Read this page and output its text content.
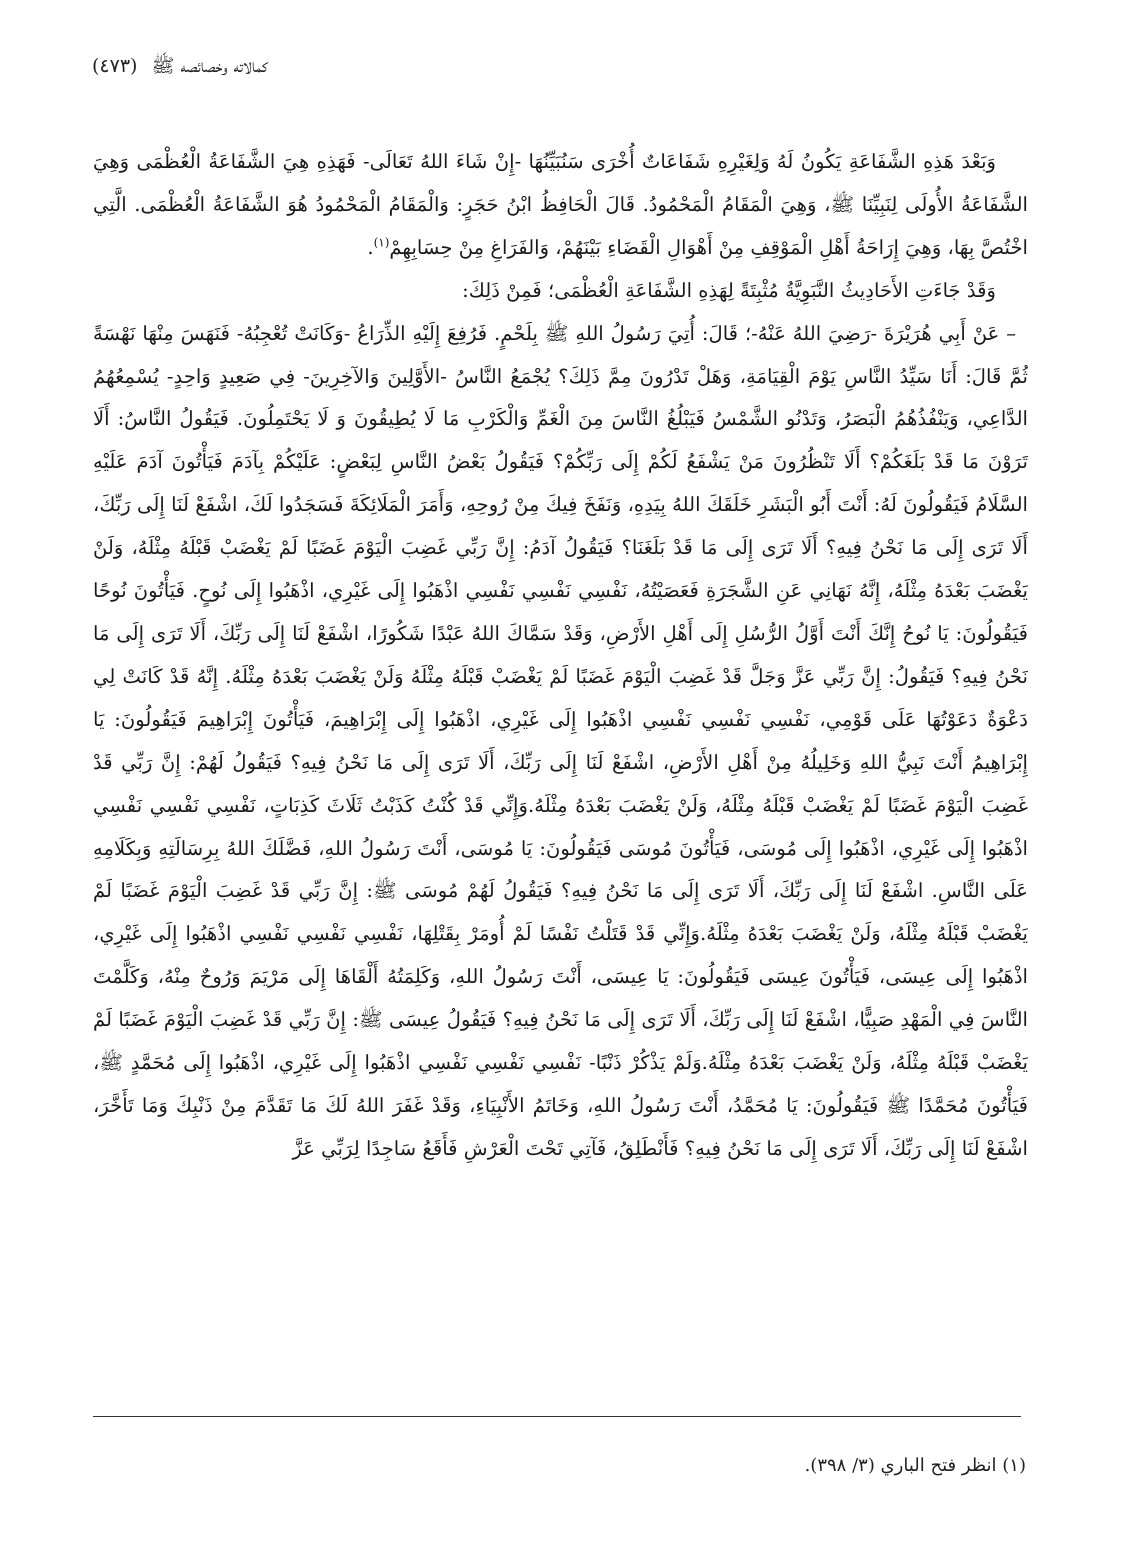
كمالاته وخصائصه ﷺ (٤٧٣)

وَبَعْدَ هَذِهِ الشَّفَاعَةِ يَكُونُ لَهُ وَلِغَيْرِهِ شَفَاعَاتٌ أُخْرَى سَنُبَيِّنُهَا -إِنْ شَاءَ اللهُ تَعَالَى- فَهَذِهِ هِيَ الشَّفَاعَةُ الْعُظْمَى وَهِيَ الشَّفَاعَةُ الأُولَى لِنَبِيِّنَا ﷺ، وَهِيَ الْمَقَامُ الْمَحْمُودُ. قَالَ الْحَافِظُ ابْنُ حَجَرٍ: وَالْمَقَامُ الْمَحْمُودُ هُوَ الشَّفَاعَةُ الْعُظْمَى. الَّتِي اخْتُصَّ بِهَا، وَهِيَ إِرَاحَةُ أَهْلِ الْمَوْقِفِ مِنْ أَهْوَالِ الْقَضَاءِ بَيْنَهُمْ، وَالفَرَاغِ مِنْ حِسَابِهِمْ$^{(١)}$.

وَقَدْ جَاءَتِ الأَحَادِيثُ النَّبَوِيَّةُ مُثْبِتَةً لِهَذِهِ الشَّفَاعَةِ الْعُظْمَى؛ فَمِنْ ذَلِكَ:

– عَنْ أَبِي هُرَيْرَةَ -رَضِيَ اللهُ عَنْهُ-؛ قَالَ: أُتِيَ رَسُولُ اللهِ ﷺ بِلَحْمٍ. فَرُفِعَ إِلَيْهِ الذِّرَاعُ -وَكَانَتْ تُعْجِبُهُ- فَنَهَسَ مِنْهَا نَهْسَةً ثُمَّ قَالَ: أَنَا سَيِّدُ النَّاسِ يَوْمَ الْقِيَامَةِ، وَهَلْ تَدْرُونَ مِمَّ ذَلِكَ؟ يُجْمَعُ النَّاسُ -الأَوَّلِينَ وَالآخِرِينَ- فِي صَعِيدٍ وَاحِدٍ- يُسْمِعُهُمُ الدَّاعِي، وَيَنْفُذُهُمُ الْبَصَرُ، وَتَدْنُو الشَّمْسُ فَيَبْلُغُ النَّاسَ مِنَ الْغَمِّ وَالْكَرْبِ مَا لَا يُطِيقُونَ وَ لَا يَحْتَمِلُونَ. فَيَقُولُ النَّاسُ: أَلَا تَرَوْنَ مَا قَدْ بَلَغَكُمْ؟ أَلَا تَنْظُرُونَ مَنْ يَشْفَعُ لَكُمْ إِلَى رَبِّكُمْ؟ فَيَقُولُ بَعْضُ النَّاسِ لِبَعْضٍ: عَلَيْكُمْ بِآدَمَ فَيَأْتُونَ آدَمَ عَلَيْهِ السَّلَامُ فَيَقُولُونَ لَهُ: أَنْتَ أَبُو الْبَشَرِ خَلَقَكَ اللهُ بِيَدِهِ، وَنَفَخَ فِيكَ مِنْ رُوحِهِ، وَأَمَرَ الْمَلَائِكَةَ فَسَجَدُوا لَكَ، اشْفَعْ لَنَا إِلَى رَبِّكَ، أَلَا تَرَى إِلَى مَا نَحْنُ فِيهِ؟ أَلَا تَرَى إِلَى مَا قَدْ بَلَغَنَا؟ فَيَقُولُ آدَمُ: إِنَّ رَبِّي غَضِبَ الْيَوْمَ غَضَبًا لَمْ يَغْضَبْ قَبْلَهُ مِثْلَهُ، وَلَنْ يَغْضَبَ بَعْدَهُ مِثْلَهُ، إِنَّهُ نَهَانِي عَنِ الشَّجَرَةِ فَعَصَيْتُهُ، نَفْسِي نَفْسِي نَفْسِي اذْهَبُوا إِلَى غَيْرِي، اذْهَبُوا إِلَى نُوحٍ. فَيَأْتُونَ نُوحًا فَيَقُولُونَ: يَا نُوحُ إِنَّكَ أَنْتَ أَوَّلُ الرُّسُلِ إِلَى أَهْلِ الأَرْضِ، وَقَدْ سَمَّاكَ اللهُ عَبْدًا شَكُورًا، اشْفَعْ لَنَا إِلَى رَبِّكَ، أَلَا تَرَى إِلَى مَا نَحْنُ فِيهِ؟ فَيَقُولُ: إِنَّ رَبِّي عَزَّ وَجَلَّ قَدْ غَضِبَ الْيَوْمَ غَضَبًا لَمْ يَغْضَبْ قَبْلَهُ مِثْلَهُ وَلَنْ يَغْضَبَ بَعْدَهُ مِثْلَهُ. إِنَّهُ قَدْ كَانَتْ لِي دَعْوَةٌ دَعَوْتُهَا عَلَى قَوْمِي، نَفْسِي نَفْسِي نَفْسِي اذْهَبُوا إِلَى غَيْرِي، اذْهَبُوا إِلَى إِبْرَاهِيمَ، فَيَأْتُونَ إِبْرَاهِيمَ فَيَقُولُونَ: يَا إِبْرَاهِيمُ أَنْتَ نَبِيُّ اللهِ وَخَلِيلُهُ مِنْ أَهْلِ الأَرْضِ، اشْفَعْ لَنَا إِلَى رَبِّكَ، أَلَا تَرَى إِلَى مَا نَحْنُ فِيهِ؟ فَيَقُولُ لَهُمْ: إِنَّ رَبِّي قَدْ غَضِبَ الْيَوْمَ غَضَبًا لَمْ يَغْضَبْ قَبْلَهُ مِثْلَهُ، وَلَنْ يَغْضَبَ بَعْدَهُ مِثْلَهُ.وَإِنِّي قَدْ كُنْتُ كَذَبْتُ ثَلَاثَ كَذِبَاتٍ، نَفْسِي نَفْسِي نَفْسِي اذْهَبُوا إِلَى غَيْرِي، اذْهَبُوا إِلَى مُوسَى، فَيَأْتُونَ مُوسَى فَيَقُولُونَ: يَا مُوسَى، أَنْتَ رَسُولُ اللهِ، فَضَّلَكَ اللهُ بِرِسَالَتِهِ وَبِكَلَامِهِ عَلَى النَّاسِ. اشْفَعْ لَنَا إِلَى رَبِّكَ، أَلَا تَرَى إِلَى مَا نَحْنُ فِيهِ؟ فَيَقُولُ لَهُمْ مُوسَى ﷺ: إِنَّ رَبِّي قَدْ غَضِبَ الْيَوْمَ غَضَبًا لَمْ يَغْضَبْ قَبْلَهُ مِثْلَهُ، وَلَنْ يَغْضَبَ بَعْدَهُ مِثْلَهُ.وَإِنِّي قَدْ قَتَلْتُ نَفْسًا لَمْ أُومَرْ بِقَتْلِهَا، نَفْسِي نَفْسِي نَفْسِي اذْهَبُوا إِلَى غَيْرِي، اذْهَبُوا إِلَى عِيسَى، فَيَأْتُونَ عِيسَى فَيَقُولُونَ: يَا عِيسَى، أَنْتَ رَسُولُ اللهِ، وَكَلِمَتُهُ أَلْقَاهَا إِلَى مَرْيَمَ وَرُوحٌ مِنْهُ، وَكَلَّمْتَ النَّاسَ فِي الْمَهْدِ صَبِيًّا، اشْفَعْ لَنَا إِلَى رَبِّكَ، أَلَا تَرَى إِلَى مَا نَحْنُ فِيهِ؟ فَيَقُولُ عِيسَى ﷺ: إِنَّ رَبِّي قَدْ غَضِبَ الْيَوْمَ غَضَبًا لَمْ يَغْضَبْ قَبْلَهُ مِثْلَهُ، وَلَنْ يَغْضَبَ بَعْدَهُ مِثْلَهُ.وَلَمْ يَذْكُرْ ذَنْبًا- نَفْسِي نَفْسِي نَفْسِي اذْهَبُوا إِلَى غَيْرِي، اذْهَبُوا إِلَى مُحَمَّدٍ ﷺ، فَيَأْتُونَ مُحَمَّدًا ﷺ فَيَقُولُونَ: يَا مُحَمَّدُ، أَنْتَ رَسُولُ اللهِ، وَخَاتَمُ الأَنْبِيَاءِ، وَقَدْ غَفَرَ اللهُ لَكَ مَا تَقَدَّمَ مِنْ ذَنْبِكَ وَمَا تَأَخَّرَ، اشْفَعْ لَنَا إِلَى رَبِّكَ، أَلَا تَرَى إِلَى مَا نَحْنُ فِيهِ؟ فَأَنْطَلِقُ، فَآتِي تَحْتَ الْعَرْشِ فَأَقَعُ سَاجِدًا لِرَبِّي عَزَّ

(١) انظر فتح الباري (٣/ ٣٩٨).
